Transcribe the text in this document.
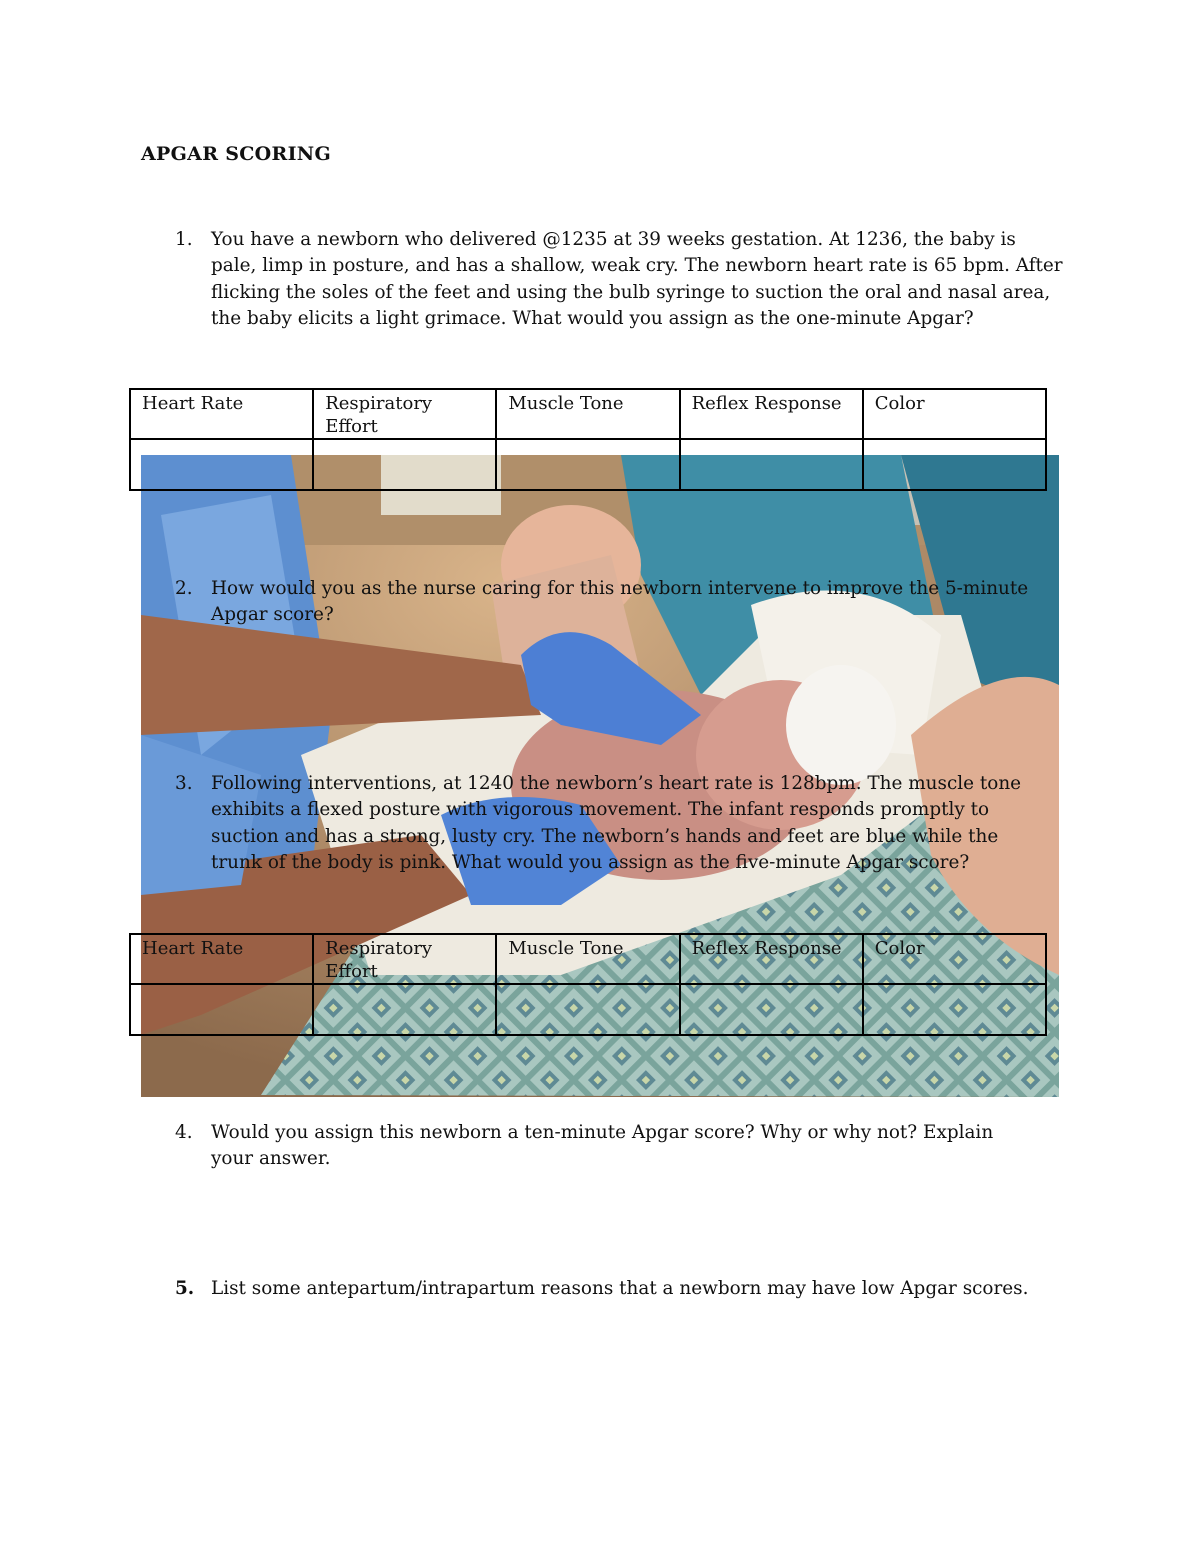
APGAR SCORING
1.	You have a newborn who delivered @1235 at 39 weeks gestation. At 1236, the baby is pale, limp in posture, and has a shallow, weak cry. The newborn heart rate is 65 bpm. After flicking the soles of the feet and using the bulb syringe to suction the oral and nasal area, the baby elicits a light grimace. What would you assign as the one-minute Apgar?
Heart Rate	Respiratory Effort	Muscle Tone	Reflex Response	Color

2.	How would you as the nurse caring for this newborn intervene to improve the 5-minute Apgar score?
3.	Following interventions, at 1240 the newborn’s heart rate is 128bpm. The muscle tone exhibits a flexed posture with vigorous movement. The infant responds promptly to suction and has a strong, lusty cry. The newborn’s hands and feet are blue while the trunk of the body is pink. What would you assign as the five-minute Apgar score?
Heart Rate	Respiratory Effort	Muscle Tone	Reflex Response	Color

4.	Would you assign this newborn a ten-minute Apgar score? Why or why not? Explain your answer.
5. List some antepartum/intrapartum reasons that a newborn may have low Apgar scores.
